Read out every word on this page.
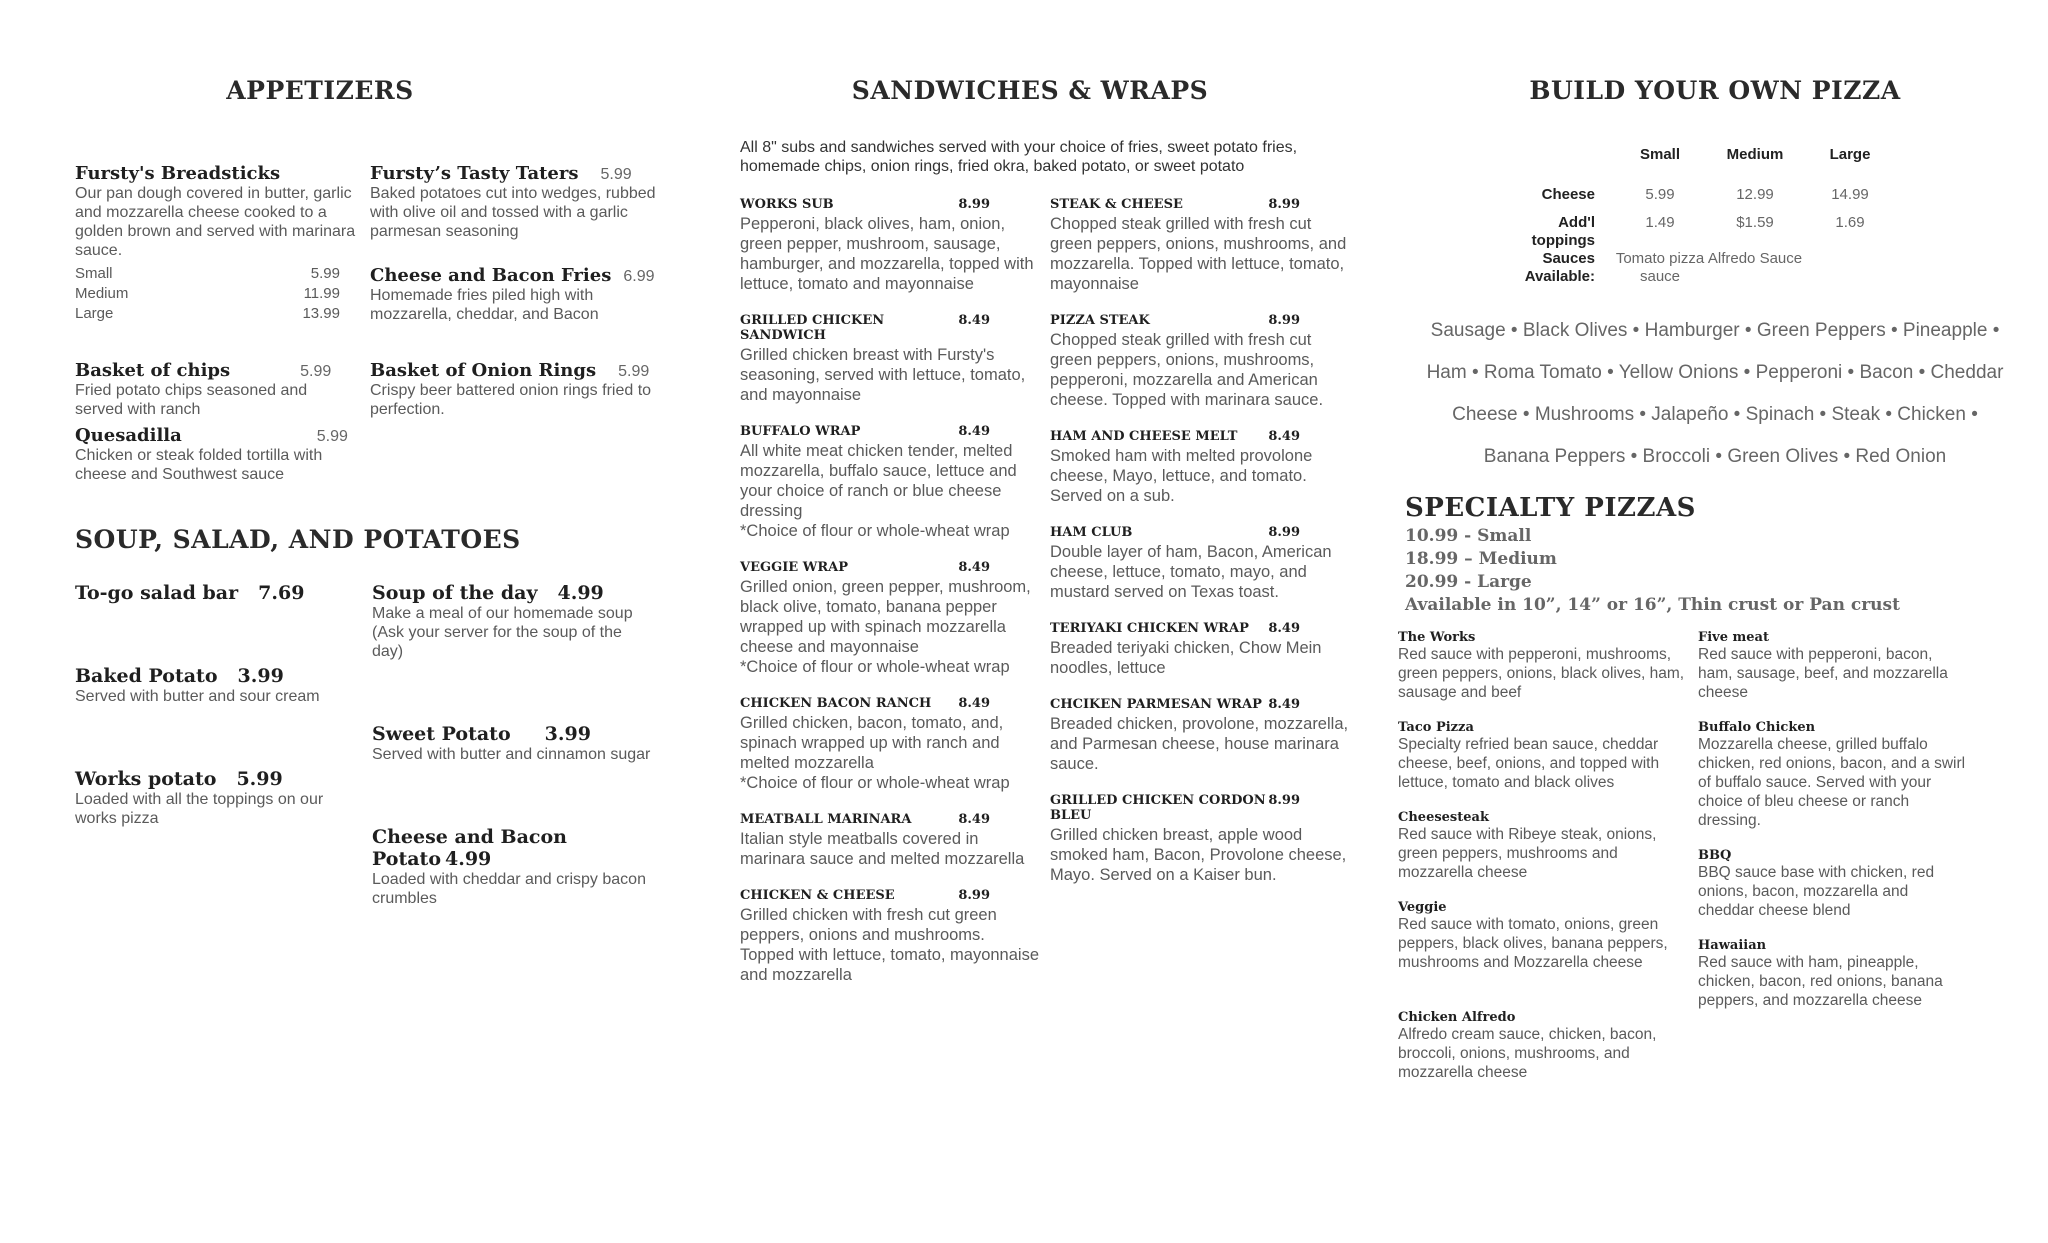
APPETIZERS
Fursty's Breadsticks
Our pan dough covered in butter, garlic and mozzarella cheese cooked to a golden brown and served with marinara sauce.
Small	5.99
Medium	11.99
Large	13.99
Fursty’s Tasty Taters 5.99
Baked potatoes cut into wedges, rubbed with olive oil and tossed with a garlic parmesan seasoning
Cheese and Bacon Fries 6.99
Homemade fries piled high with mozzarella, cheddar, and Bacon
Basket of chips	5.99
Fried potato chips seasoned and served with ranch
Basket of Onion Rings 5.99
Crispy beer battered onion rings fried to perfection.
Quesadilla	5.99
Chicken or steak folded tortilla with cheese and Southwest sauce
SOUP, SALAD, AND POTATOES
To-go salad bar 7.69	Soup of the day 4.99
Make a meal of our homemade soup (Ask your server for the soup of the day)
Baked Potato 3.99
Served with butter and sour cream
Sweet Potato 3.99
Served with butter and cinnamon sugar
Works potato 5.99
Loaded with all the toppings on our works pizza
Cheese and Bacon Potato 4.99
Loaded with cheddar and crispy bacon crumbles
SANDWICHES & WRAPS
All 8" subs and sandwiches served with your choice of fries, sweet potato fries, homemade chips, onion rings, fried okra, baked potato, or sweet potato
WORKS SUB	8.99
Pepperoni, black olives, ham, onion, green pepper, mushroom, sausage, hamburger, and mozzarella, topped with lettuce, tomato and mayonnaise
GRILLED CHICKEN SANDWICH
8.49
Grilled chicken breast with Fursty's seasoning, served with lettuce, tomato, and mayonnaise
BUFFALO WRAP	8.49
All white meat chicken tender, melted mozzarella, buffalo sauce, lettuce and your choice of ranch or blue cheese dressing
*Choice of flour or whole-wheat wrap
VEGGIE WRAP	8.49
Grilled onion, green pepper, mushroom, black olive, tomato, banana pepper wrapped up with spinach mozzarella cheese and mayonnaise
*Choice of flour or whole-wheat wrap
CHICKEN BACON RANCH 8.49
Grilled chicken, bacon, tomato, and, spinach wrapped up with ranch and melted mozzarella
*Choice of flour or whole-wheat wrap
MEATBALL MARINARA	8.49
Italian style meatballs covered in marinara sauce and melted mozzarella
CHICKEN & CHEESE	8.99
Grilled chicken with fresh cut green peppers, onions and mushrooms. Topped with lettuce, tomato, mayonnaise and mozzarella
STEAK & CHEESE	8.99
Chopped steak grilled with fresh cut green peppers, onions, mushrooms, and mozzarella. Topped with lettuce, tomato, mayonnaise
PIZZA STEAK	8.99
Chopped steak grilled with fresh cut green peppers, onions, mushrooms, pepperoni, mozzarella and American cheese. Topped with marinara sauce.
HAM AND CHEESE MELT 8.49
Smoked ham with melted provolone cheese, Mayo, lettuce, and tomato. Served on a sub.
HAM CLUB	8.99
Double layer of ham, Bacon, American cheese, lettuce, tomato, mayo, and mustard served on Texas toast.
TERIYAKI CHICKEN WRAP 8.49
Breaded teriyaki chicken, Chow Mein noodles, lettuce
CHCIKEN PARMESAN WRAP 8.49
Breaded chicken, provolone, mozzarella, and Parmesan cheese, house marinara sauce.
GRILLED CHICKEN CORDON BLEU
8.99
Grilled chicken breast, apple wood smoked ham, Bacon, Provolone cheese, Mayo. Served on a Kaiser bun.
BUILD YOUR OWN PIZZA
	Small	Medium	Large
Cheese	5.99	12.99	14.99
Add'l toppings	1.49	$1.59	1.69
Sauces Available:	Tomato pizza sauce	Alfredo Sauce	
Sausage • Black Olives • Hamburger • Green Peppers • Pineapple •
Ham • Roma Tomato • Yellow Onions • Pepperoni • Bacon • Cheddar
Cheese • Mushrooms • Jalapeño • Spinach • Steak • Chicken •
Banana Peppers • Broccoli • Green Olives • Red Onion
SPECIALTY PIZZAS
10.99 - Small
18.99 – Medium
20.99 - Large
Available in 10”, 14” or 16”, Thin crust or Pan crust
The Works
Red sauce with pepperoni, mushrooms, green peppers, onions, black olives, ham, sausage and beef
Taco Pizza
Specialty refried bean sauce, cheddar cheese, beef, onions, and topped with lettuce, tomato and black olives
Cheesesteak
Red sauce with Ribeye steak, onions, green peppers, mushrooms and mozzarella cheese
Veggie
Red sauce with tomato, onions, green peppers, black olives, banana peppers, mushrooms and Mozzarella cheese
Chicken Alfredo
Alfredo cream sauce, chicken, bacon, broccoli, onions, mushrooms, and mozzarella cheese
Five meat
Red sauce with pepperoni, bacon, ham, sausage, beef, and mozzarella cheese
Buffalo Chicken
Mozzarella cheese, grilled buffalo chicken, red onions, bacon, and a swirl of buffalo sauce. Served with your choice of bleu cheese or ranch dressing.
BBQ
BBQ sauce base with chicken, red onions, bacon, mozzarella and cheddar cheese blend
Hawaiian
Red sauce with ham, pineapple, chicken, bacon, red onions, banana peppers, and mozzarella cheese
